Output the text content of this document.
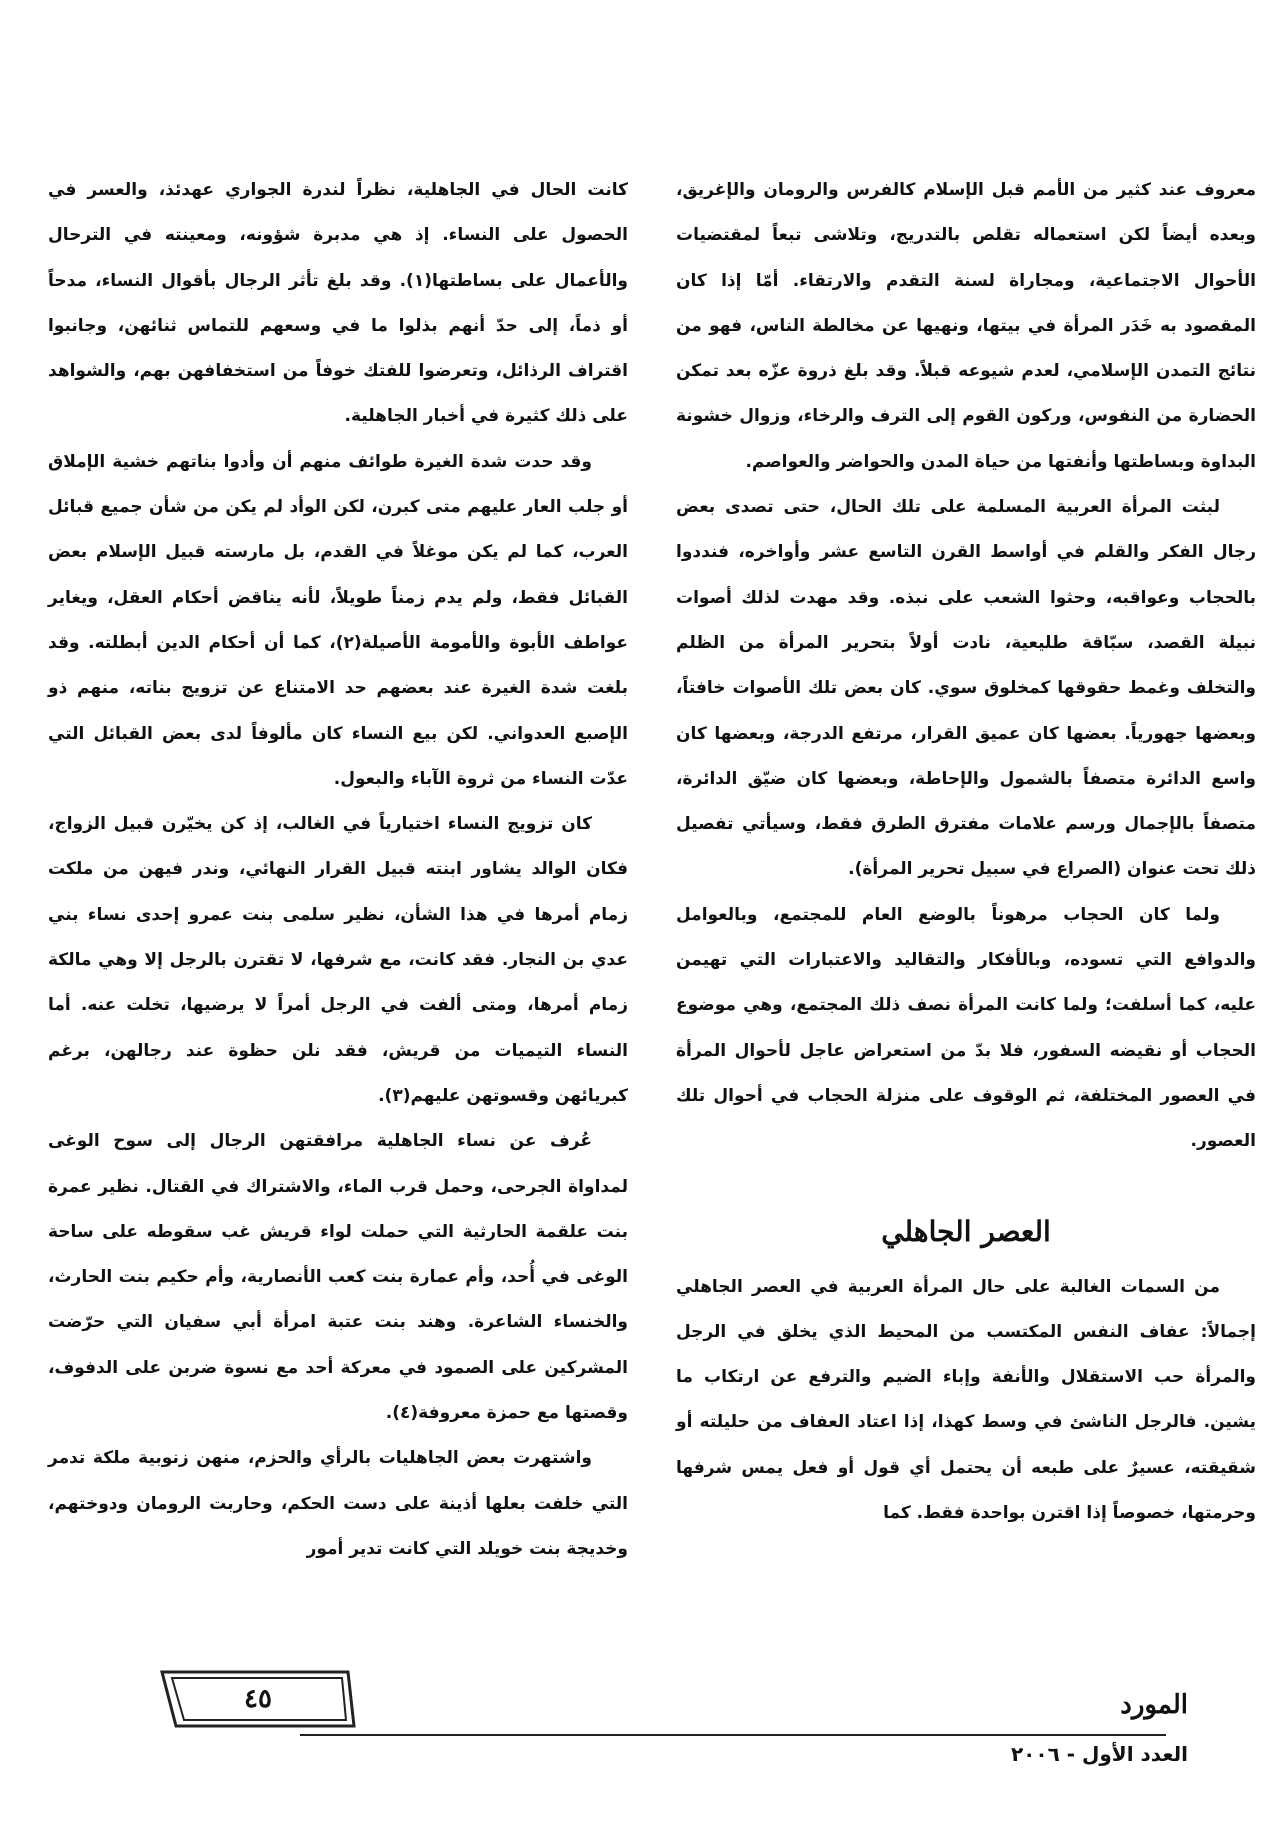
معروف عند كثير من الأمم قبل الإسلام كالفرس والرومان والإغريق، وبعده أيضاً لكن استعماله تقلص بالتدريج، وتلاشى تبعاً لمقتضيات الأحوال الاجتماعية، ومجاراة لسنة التقدم والارتقاء. أمّا إذا كان المقصود به خَدَر المرأة في بيتها، ونهيها عن مخالطة الناس، فهو من نتائج التمدن الإسلامي، لعدم شيوعه قبلاً. وقد بلغ ذروة عزّه بعد تمكن الحضارة من النفوس، وركون القوم إلى الترف والرخاء، وزوال خشونة البداوة وبساطتها وأنفتها من حياة المدن والحواضر والعواصم.

لبثت المرأة العربية المسلمة على تلك الحال، حتى تصدى بعض رجال الفكر والقلم في أواسط القرن التاسع عشر وأواخره، فنددوا بالحجاب وعواقبه، وحثوا الشعب على نبذه. وقد مهدت لذلك أصوات نبيلة القصد، سبّاقة طليعية، نادت أولاً بتحرير المرأة من الظلم والتخلف وغمط حقوقها كمخلوق سوي. كان بعض تلك الأصوات خافتاً، وبعضها جهورياً. بعضها كان عميق القرار، مرتفع الدرجة، وبعضها كان واسع الدائرة متصفاً بالشمول والإحاطة، وبعضها كان ضيّق الدائرة، متصفاً بالإجمال ورسم علامات مفترق الطرق فقط، وسيأتي تفصيل ذلك تحت عنوان (الصراع في سبيل تحرير المرأة).

ولما كان الحجاب مرهوناً بالوضع العام للمجتمع، وبالعوامل والدوافع التي تسوده، وبالأفكار والتقاليد والاعتبارات التي تهيمن عليه، كما أسلفت؛ ولما كانت المرأة نصف ذلك المجتمع، وهي موضوع الحجاب أو نقيضه السفور، فلا بدّ من استعراض عاجل لأحوال المرأة في العصور المختلفة، ثم الوقوف على منزلة الحجاب في أحوال تلك العصور.

العصر الجاهلي

من السمات الغالبة على حال المرأة العربية في العصر الجاهلي إجمالاً: عفاف النفس المكتسب من المحيط الذي يخلق في الرجل والمرأة حب الاستقلال والأنفة وإباء الضيم والترفع عن ارتكاب ما يشين. فالرجل الناشئ في وسط كهذا، إذا اعتاد العفاف من حليلته أو شقيقته، عسيرٌ على طبعه أن يحتمل أي قول أو فعل يمس شرفها وحرمتها، خصوصاً إذا اقترن بواحدة فقط. كما

كانت الحال في الجاهلية، نظراً لندرة الجواري عهدئذ، والعسر في الحصول على النساء. إذ هي مدبرة شؤونه، ومعينته في الترحال والأعمال على بساطتها(١). وقد بلغ تأثر الرجال بأقوال النساء، مدحاً أو ذماً، إلى حدّ أنهم بذلوا ما في وسعهم للتماس ثنائهن، وجانبوا اقتراف الرذائل، وتعرضوا للفتك خوفاً من استخفافهن بهم، والشواهد على ذلك كثيرة في أخبار الجاهلية.

وقد حدت شدة الغيرة طوائف منهم أن وأدوا بناتهم خشية الإملاق أو جلب العار عليهم متى كبرن، لكن الوأد لم يكن من شأن جميع قبائل العرب، كما لم يكن موغلاً في القدم، بل مارسته قبيل الإسلام بعض القبائل فقط، ولم يدم زمناً طويلاً، لأنه يناقض أحكام العقل، ويغاير عواطف الأبوة والأمومة الأصيلة(٢)، كما أن أحكام الدين أبطلته. وقد بلغت شدة الغيرة عند بعضهم حد الامتناع عن تزويج بناته، منهم ذو الإصبع العدواني. لكن بيع النساء كان مألوفاً لدى بعض القبائل التي عدّت النساء من ثروة الآباء والبعول.

كان تزويج النساء اختيارياً في الغالب، إذ كن يخيّرن قبيل الزواج، فكان الوالد يشاور ابنته قبيل القرار النهائي، وندر فيهن من ملكت زمام أمرها في هذا الشأن، نظير سلمى بنت عمرو إحدى نساء بني عدي بن النجار. فقد كانت، مع شرفها، لا تقترن بالرجل إلا وهي مالكة زمام أمرها، ومتى ألفت في الرجل أمراً لا يرضيها، تخلت عنه. أما النساء التيميات من قريش، فقد نلن حظوة عند رجالهن، برغم كبريائهن وقسوتهن عليهم(٣).

عُرف عن نساء الجاهلية مرافقتهن الرجال إلى سوح الوغى لمداواة الجرحى، وحمل قرب الماء، والاشتراك في القتال. نظير عمرة بنت علقمة الحارثية التي حملت لواء قريش غب سقوطه على ساحة الوغى في أُحد، وأم عمارة بنت كعب الأنصارية، وأم حكيم بنت الحارث، والخنساء الشاعرة. وهند بنت عتبة امرأة أبي سفيان التي حرّضت المشركين على الصمود في معركة أحد مع نسوة ضربن على الدفوف، وقصتها مع حمزة معروفة(٤).

واشتهرت بعض الجاهليات بالرأي والحزم، منهن زنوبية ملكة تدمر التي خلفت بعلها أذينة على دست الحكم، وحاربت الرومان ودوختهم، وخديجة بنت خويلد التي كانت تدير أمور

٤٥	المورد
العدد الأول - ٢٠٠٦
